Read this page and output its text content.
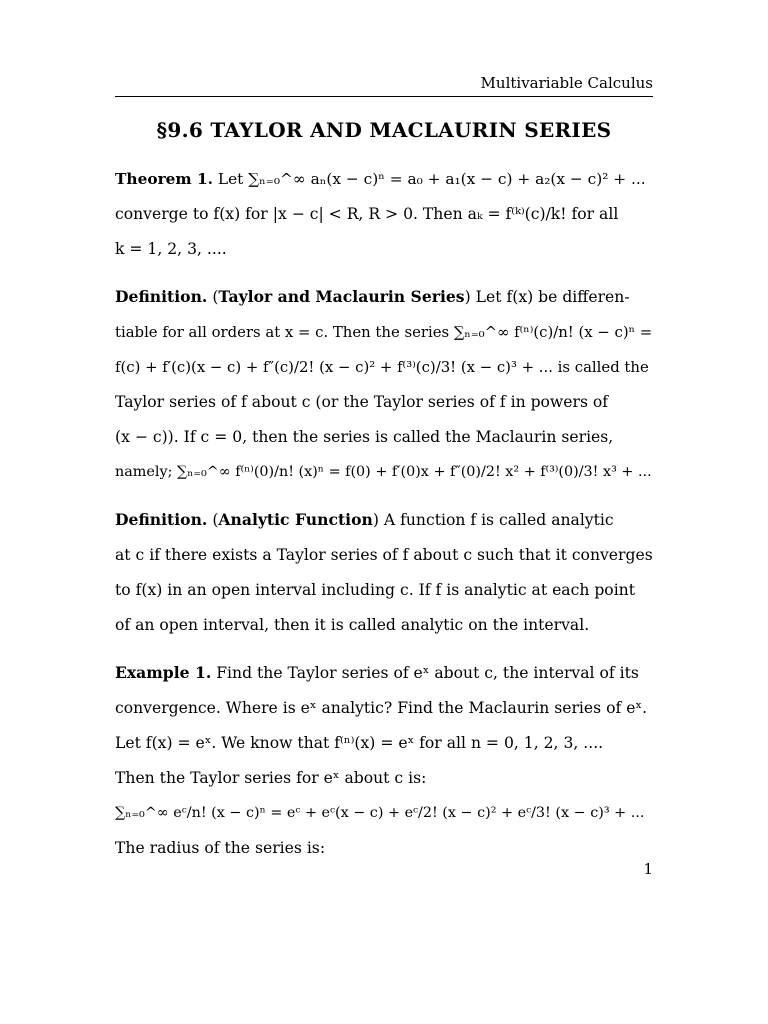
Multivariable Calculus
§9.6 TAYLOR AND MACLAURIN SERIES
Theorem 1. Let ∑ₙ₌₀^∞ aₙ(x − c)ⁿ = a₀ + a₁(x − c) + a₂(x − c)² + ...
converge to f(x) for |x − c| < R, R > 0. Then aₖ = f⁽ᵏ⁾(c)/k! for all
k = 1, 2, 3, ....
Definition. (Taylor and Maclaurin Series) Let f(x) be differen-
tiable for all orders at x = c. Then the series ∑ₙ₌₀^∞ f⁽ⁿ⁾(c)/n! (x − c)ⁿ =
f(c) + f′(c)(x − c) + f″(c)/2! (x − c)² + f⁽³⁾(c)/3! (x − c)³ + ... is called the
Taylor series of f about c (or the Taylor series of f in powers of
(x − c)). If c = 0, then the series is called the Maclaurin series,
namely; ∑ₙ₌₀^∞ f⁽ⁿ⁾(0)/n! (x)ⁿ = f(0) + f′(0)x + f″(0)/2! x² + f⁽³⁾(0)/3! x³ + ...
Definition. (Analytic Function) A function f is called analytic
at c if there exists a Taylor series of f about c such that it converges
to f(x) in an open interval including c. If f is analytic at each point
of an open interval, then it is called analytic on the interval.
Example 1. Find the Taylor series of eˣ about c, the interval of its
convergence. Where is eˣ analytic? Find the Maclaurin series of eˣ.
Let f(x) = eˣ. We know that f⁽ⁿ⁾(x) = eˣ for all n = 0, 1, 2, 3, ....
Then the Taylor series for eˣ about c is:
∑ₙ₌₀^∞ eᶜ/n! (x − c)ⁿ = eᶜ + eᶜ(x − c) + eᶜ/2! (x − c)² + eᶜ/3! (x − c)³ + ...
The radius of the series is:
1
